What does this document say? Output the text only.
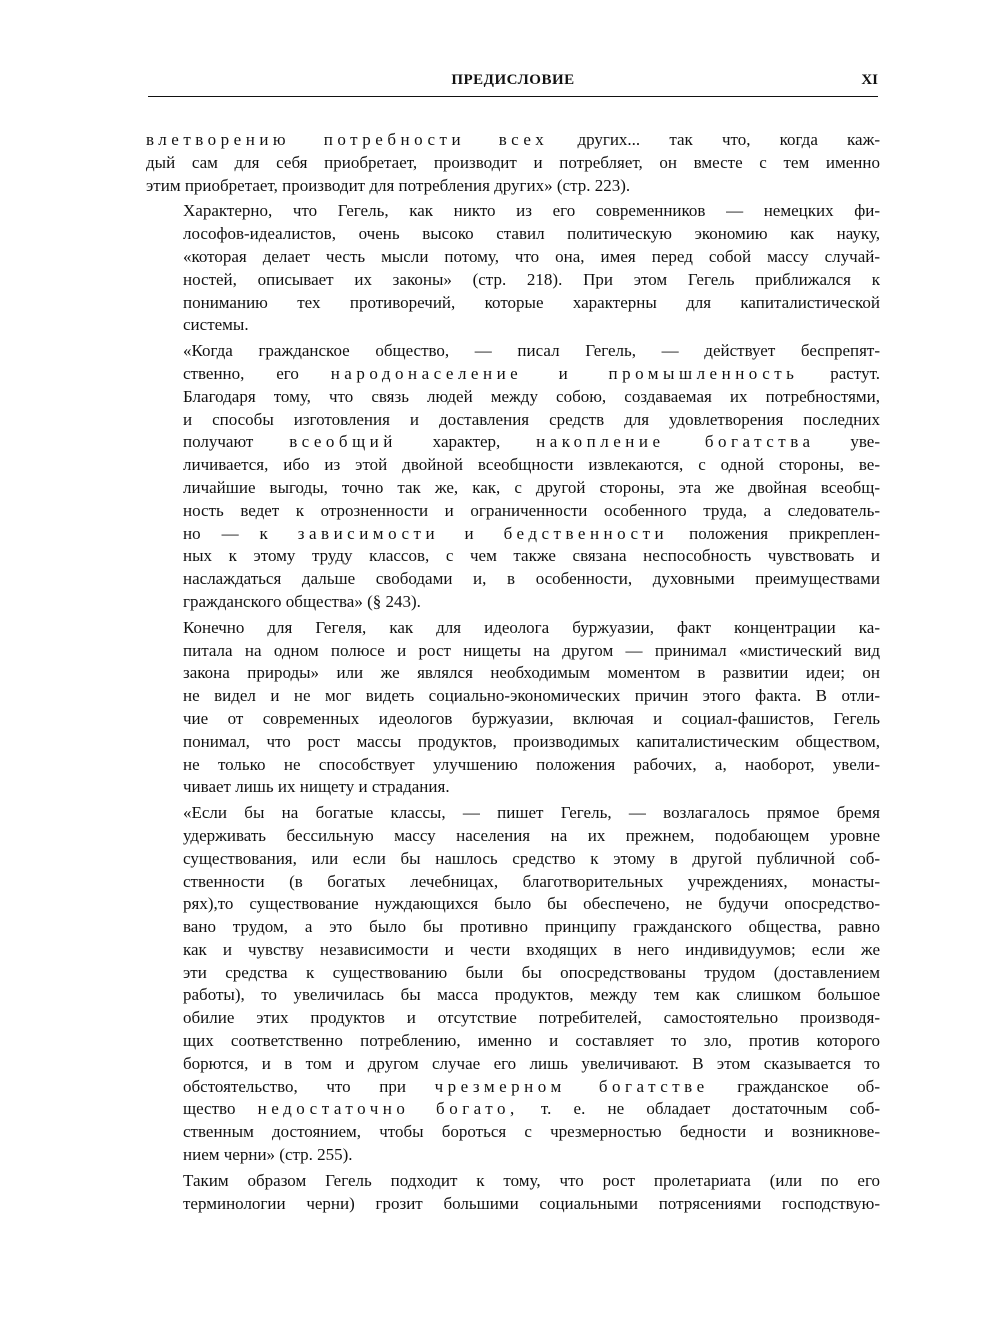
ПРЕДИСЛОВИЕ	XI

влетворению потребности всех другиx... так что, когда каж-
дый сам для себя приобретает, производит и потребляет, он вместе с тем именно
этим приобретает, производит для потребления других» (стр. 223).

Характерно, что Гегель, как никто из его современников — немецких фи-
лософов-идеалистов, очень высоко ставил политическую экономию как науку,
«которая делает честь мысли потому, что она, имея перед собой массу случай-
ностей, описывает их законы» (стр. 218). При этом Гегель приближался к
пониманию тех противоречий, которые характерны для капиталистической
системы.

«Когда гражданское общество, — писал Гегель, — действует беспрепят-
ственно, его народонаселение и промышленность растут.
Благодаря тому, что связь людей между собою, создаваемая их потребностями,
и способы изготовления и доставления средств для удовлетворения последних
получают всеобщий характер, накопление богатства уве-
личивается, ибо из этой двойной всеобщности извлекаются, с одной стороны, ве-
личайшие выгоды, точно так же, как, с другой стороны, эта же двойная всеобщ-
ность ведет к отрозненности и ограниченности особенного труда, а следователь-
но — к зависимости и бедственности положения прикреплен-
ных к этому труду классов, с чем также связана неспособность чувствовать и
наслаждаться дальше свободами и, в особенности, духовными преимуществами
гражданского общества» (§ 243).

Конечно для Гегеля, как для идеолога буржуазии, факт концентрации ка-
питала на одном полюсе и рост нищеты на другом — принимал «мистический вид
закона природы» или же являлся необходимым моментом в развитии идеи; он
не видел и не мог видеть социально-экономических причин этого факта. В отли-
чие от современных идеологов буржуазии, включая и социал-фашистов, Гегель
понимал, что рост массы продуктов, производимых капиталистическим обществом,
не только не способствует улучшению положения рабочих, а, наоборот, увели-
чивает лишь их нищету и страдания.

«Если бы на богатые классы, — пишет Гегель, — возлагалось прямое бремя
удерживать бессильную массу населения на их прежнем, подобающем уровне
существования, или если бы нашлось средство к этому в другой публичной соб-
ственности (в богатых лечебницах, благотворительных учреждениях, монасты-
рях),то существование нуждающихся было бы обеспечено, не будучи опосредство-
вано трудом, а это было бы противно принципу гражданского общества, равно
как и чувству независимости и чести входящих в него индивидуумов; если же
эти средства к существованию были бы опосредствованы трудом (доставлением
работы), то увеличилась бы масса продуктов, между тем как слишком большое
обилие этих продуктов и отсутствие потребителей, самостоятельно производя-
щих соответственно потреблению, именно и составляет то зло, против которого
борются, и в том и другом случае его лишь увеличивают. В этом сказывается то
обстоятельство, что при чрезмерном богатстве гражданское об-
щество недостаточно богато, т. е. не обладает достаточным соб-
ственным достоянием, чтобы бороться с чрезмерностью бедности и возникнове-
нием черни» (стр. 255).

Таким образом Гегель подходит к тому, что рост пролетариата (или по его
терминологии черни) грозит большими социальными потрясениями господствую-
